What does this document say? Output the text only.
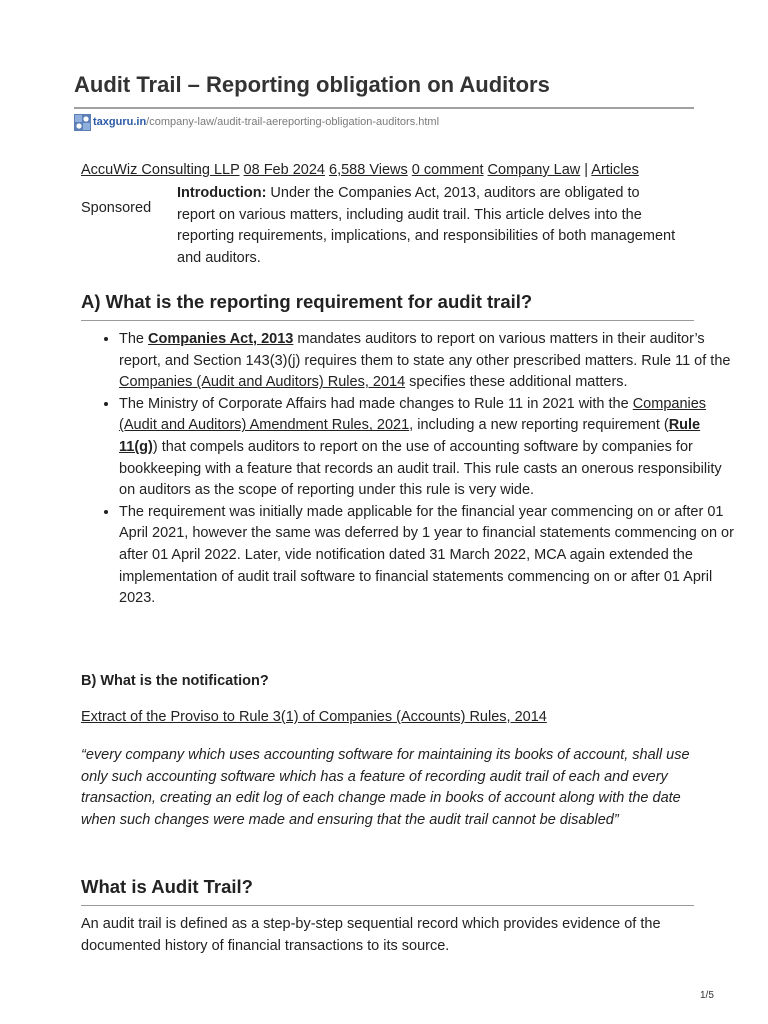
Audit Trail – Reporting obligation on Auditors
taxguru.in /company-law/audit-trail-aereporting-obligation-auditors.html
AccuWiz Consulting LLP 08 Feb 2024 6,588 Views 0 comment Company Law | Articles
Sponsored

Introduction: Under the Companies Act, 2013, auditors are obligated to report on various matters, including audit trail. This article delves into the reporting requirements, implications, and responsibilities of both management and auditors.

A) What is the reporting requirement for audit trail?
• The Companies Act, 2013 mandates auditors to report on various matters in their auditor’s report, and Section 143(3)(j) requires them to state any other prescribed matters. Rule 11 of the Companies (Audit and Auditors) Rules, 2014 specifies these additional matters.
• The Ministry of Corporate Affairs had made changes to Rule 11 in 2021 with the Companies (Audit and Auditors) Amendment Rules, 2021, including a new reporting requirement (Rule 11(g)) that compels auditors to report on the use of accounting software by companies for bookkeeping with a feature that records an audit trail. This rule casts an onerous responsibility on auditors as the scope of reporting under this rule is very wide.
• The requirement was initially made applicable for the financial year commencing on or after 01 April 2021, however the same was deferred by 1 year to financial statements commencing on or after 01 April 2022. Later, vide notification dated 31 March 2022, MCA again extended the implementation of audit trail software to financial statements commencing on or after 01 April 2023.
B) What is the notification?
Extract of the Proviso to Rule 3(1) of Companies (Accounts) Rules, 2014

“every company which uses accounting software for maintaining its books of account, shall use only such accounting software which has a feature of recording audit trail of each and every transaction, creating an edit log of each change made in books of account along with the date when such changes were made and ensuring that the audit trail cannot be disabled”

What is Audit Trail?

An audit trail is defined as a step-by-step sequential record which provides evidence of the documented history of financial transactions to its source.

1/5
